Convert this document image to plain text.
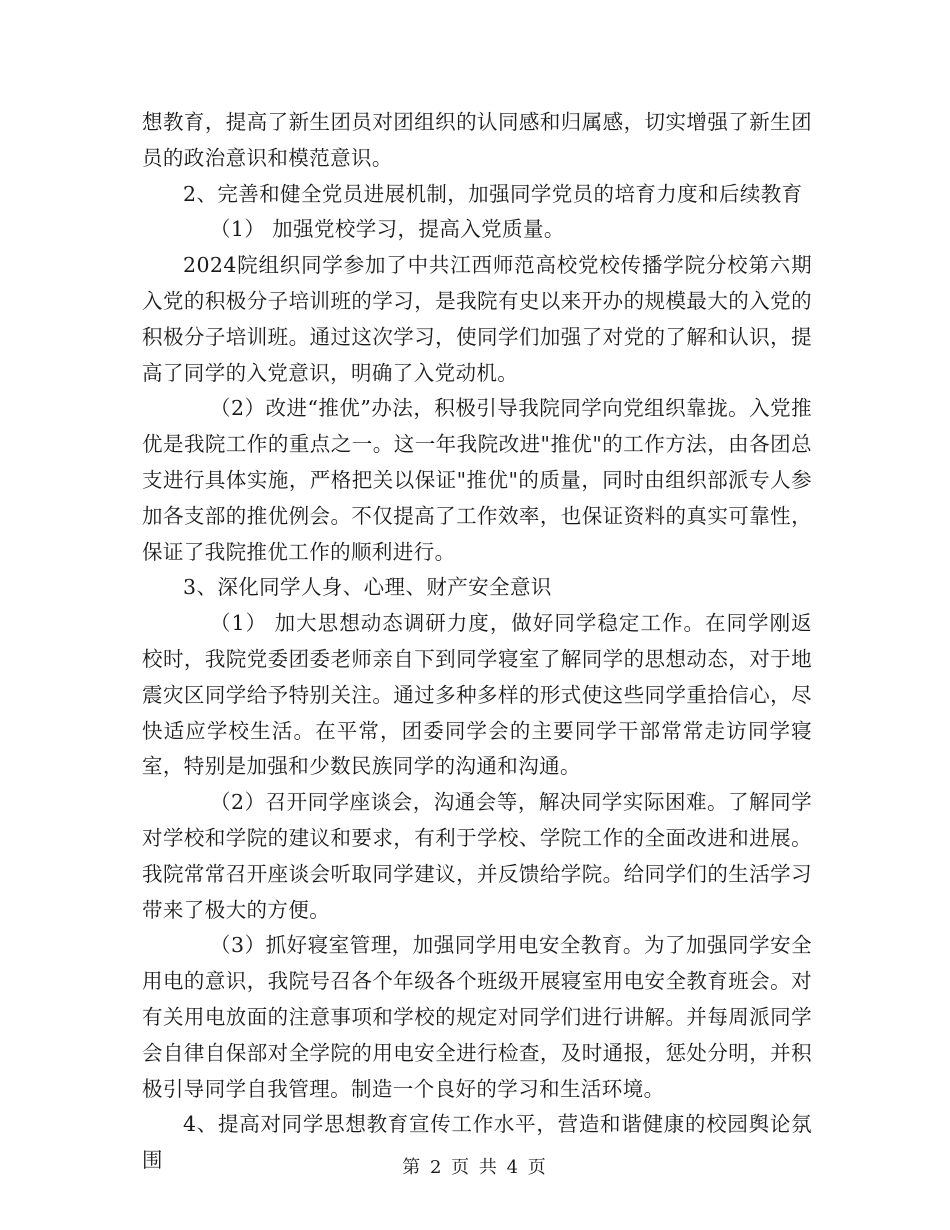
想教育，提高了新生团员对团组织的认同感和归属感，切实增强了新生团员的政治意识和模范意识。

2、完善和健全党员进展机制，加强同学党员的培育力度和后续教育

（1） 加强党校学习，提高入党质量。

2024院组织同学参加了中共江西师范高校党校传播学院分校第六期入党的积极分子培训班的学习，是我院有史以来开办的规模最大的入党的积极分子培训班。通过这次学习，使同学们加强了对党的了解和认识，提高了同学的入党意识，明确了入党动机。

（2）改进“推优”办法，积极引导我院同学向党组织靠拢。入党推优是我院工作的重点之一。这一年我院改进"推优"的工作方法，由各团总支进行具体实施，严格把关以保证"推优"的质量，同时由组织部派专人参加各支部的推优例会。不仅提高了工作效率，也保证资料的真实可靠性，保证了我院推优工作的顺利进行。

3、深化同学人身、心理、财产安全意识

（1） 加大思想动态调研力度，做好同学稳定工作。在同学刚返校时，我院党委团委老师亲自下到同学寝室了解同学的思想动态，对于地震灾区同学给予特别关注。通过多种多样的形式使这些同学重拾信心，尽快适应学校生活。在平常，团委同学会的主要同学干部常常走访同学寝室，特别是加强和少数民族同学的沟通和沟通。

（2）召开同学座谈会，沟通会等，解决同学实际困难。了解同学对学校和学院的建议和要求，有利于学校、学院工作的全面改进和进展。我院常常召开座谈会听取同学建议，并反馈给学院。给同学们的生活学习带来了极大的方便。

（3）抓好寝室管理，加强同学用电安全教育。为了加强同学安全用电的意识，我院号召各个年级各个班级开展寝室用电安全教育班会。对有关用电放面的注意事项和学校的规定对同学们进行讲解。并每周派同学会自律自保部对全学院的用电安全进行检查，及时通报，惩处分明，并积极引导同学自我管理。制造一个良好的学习和生活环境。

4、提高对同学思想教育宣传工作水平，营造和谐健康的校园舆论氛围	第 2 页 共 4 页
